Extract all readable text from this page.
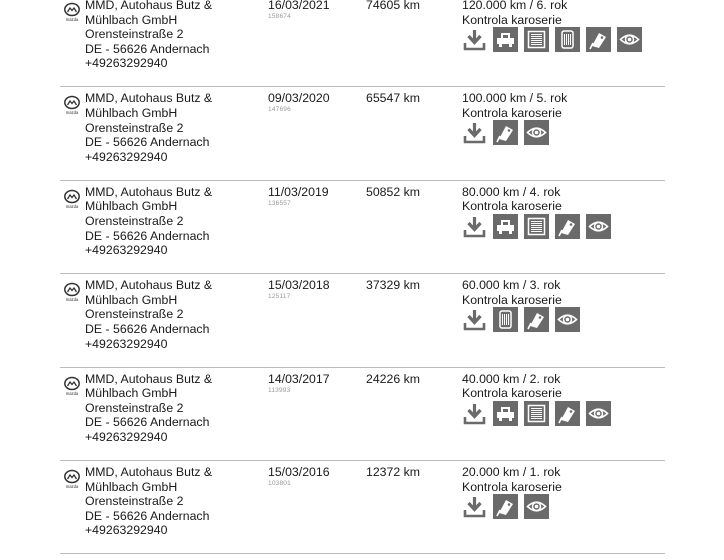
mazda
MMD, Autohaus Butz &
Mühlbach GmbH
Orensteinstraße 2
DE - 56626 Andernach
+49263292940
16/03/2021
158674
74605 km	120.000 km / 6. rok
Kontrola karoserie
mazda
MMD, Autohaus Butz &
Mühlbach GmbH
Orensteinstraße 2
DE - 56626 Andernach
+49263292940
09/03/2020
147696
65547 km	100.000 km / 5. rok
Kontrola karoserie
mazda
MMD, Autohaus Butz &
Mühlbach GmbH
Orensteinstraße 2
DE - 56626 Andernach
+49263292940
11/03/2019
136557
50852 km	80.000 km / 4. rok
Kontrola karoserie
mazda
MMD, Autohaus Butz &
Mühlbach GmbH
Orensteinstraße 2
DE - 56626 Andernach
+49263292940
15/03/2018
125117
37329 km	60.000 km / 3. rok
Kontrola karoserie
mazda
MMD, Autohaus Butz &
Mühlbach GmbH
Orensteinstraße 2
DE - 56626 Andernach
+49263292940
14/03/2017
113993
24226 km	40.000 km / 2. rok
Kontrola karoserie
mazda
MMD, Autohaus Butz &
Mühlbach GmbH
Orensteinstraße 2
DE - 56626 Andernach
+49263292940
15/03/2016
103801
12372 km	20.000 km / 1. rok
Kontrola karoserie
